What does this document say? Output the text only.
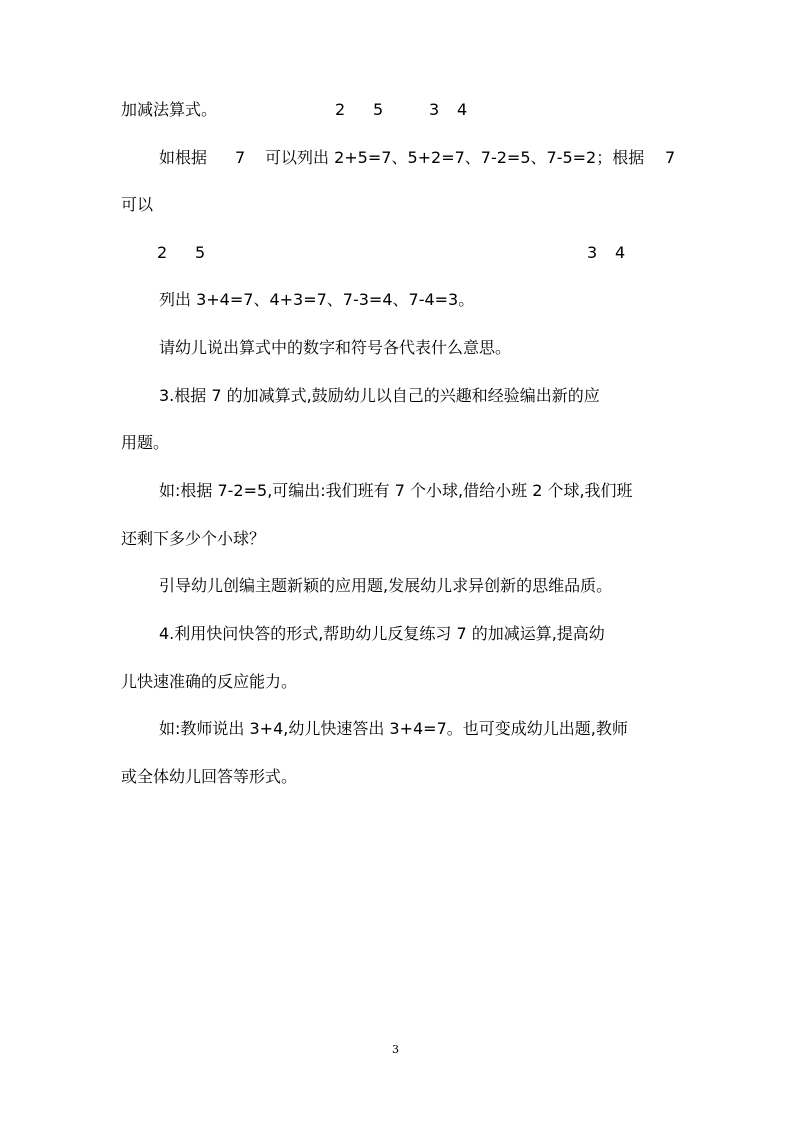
加减法算式。	2 5	3 4
如根据 7 可以列出 2+5=7、5+2=7、7-2=5、7-5=2；根据 7
可以
2 5	3 4
列出 3+4=7、4+3=7、7-3=4、7-4=3。
请幼儿说出算式中的数字和符号各代表什么意思。
3.根据 7 的加减算式,鼓励幼儿以自己的兴趣和经验编出新的应
用题。
如:根据 7-2=5,可编出:我们班有 7 个小球,借给小班 2 个球,我们班
还剩下多少个小球？
引导幼儿创编主题新颖的应用题,发展幼儿求异创新的思维品质。
4.利用快问快答的形式,帮助幼儿反复练习 7 的加减运算,提高幼
儿快速准确的反应能力。
如:教师说出 3+4,幼儿快速答出 3+4=7。也可变成幼儿出题,教师
或全体幼儿回答等形式。
3
